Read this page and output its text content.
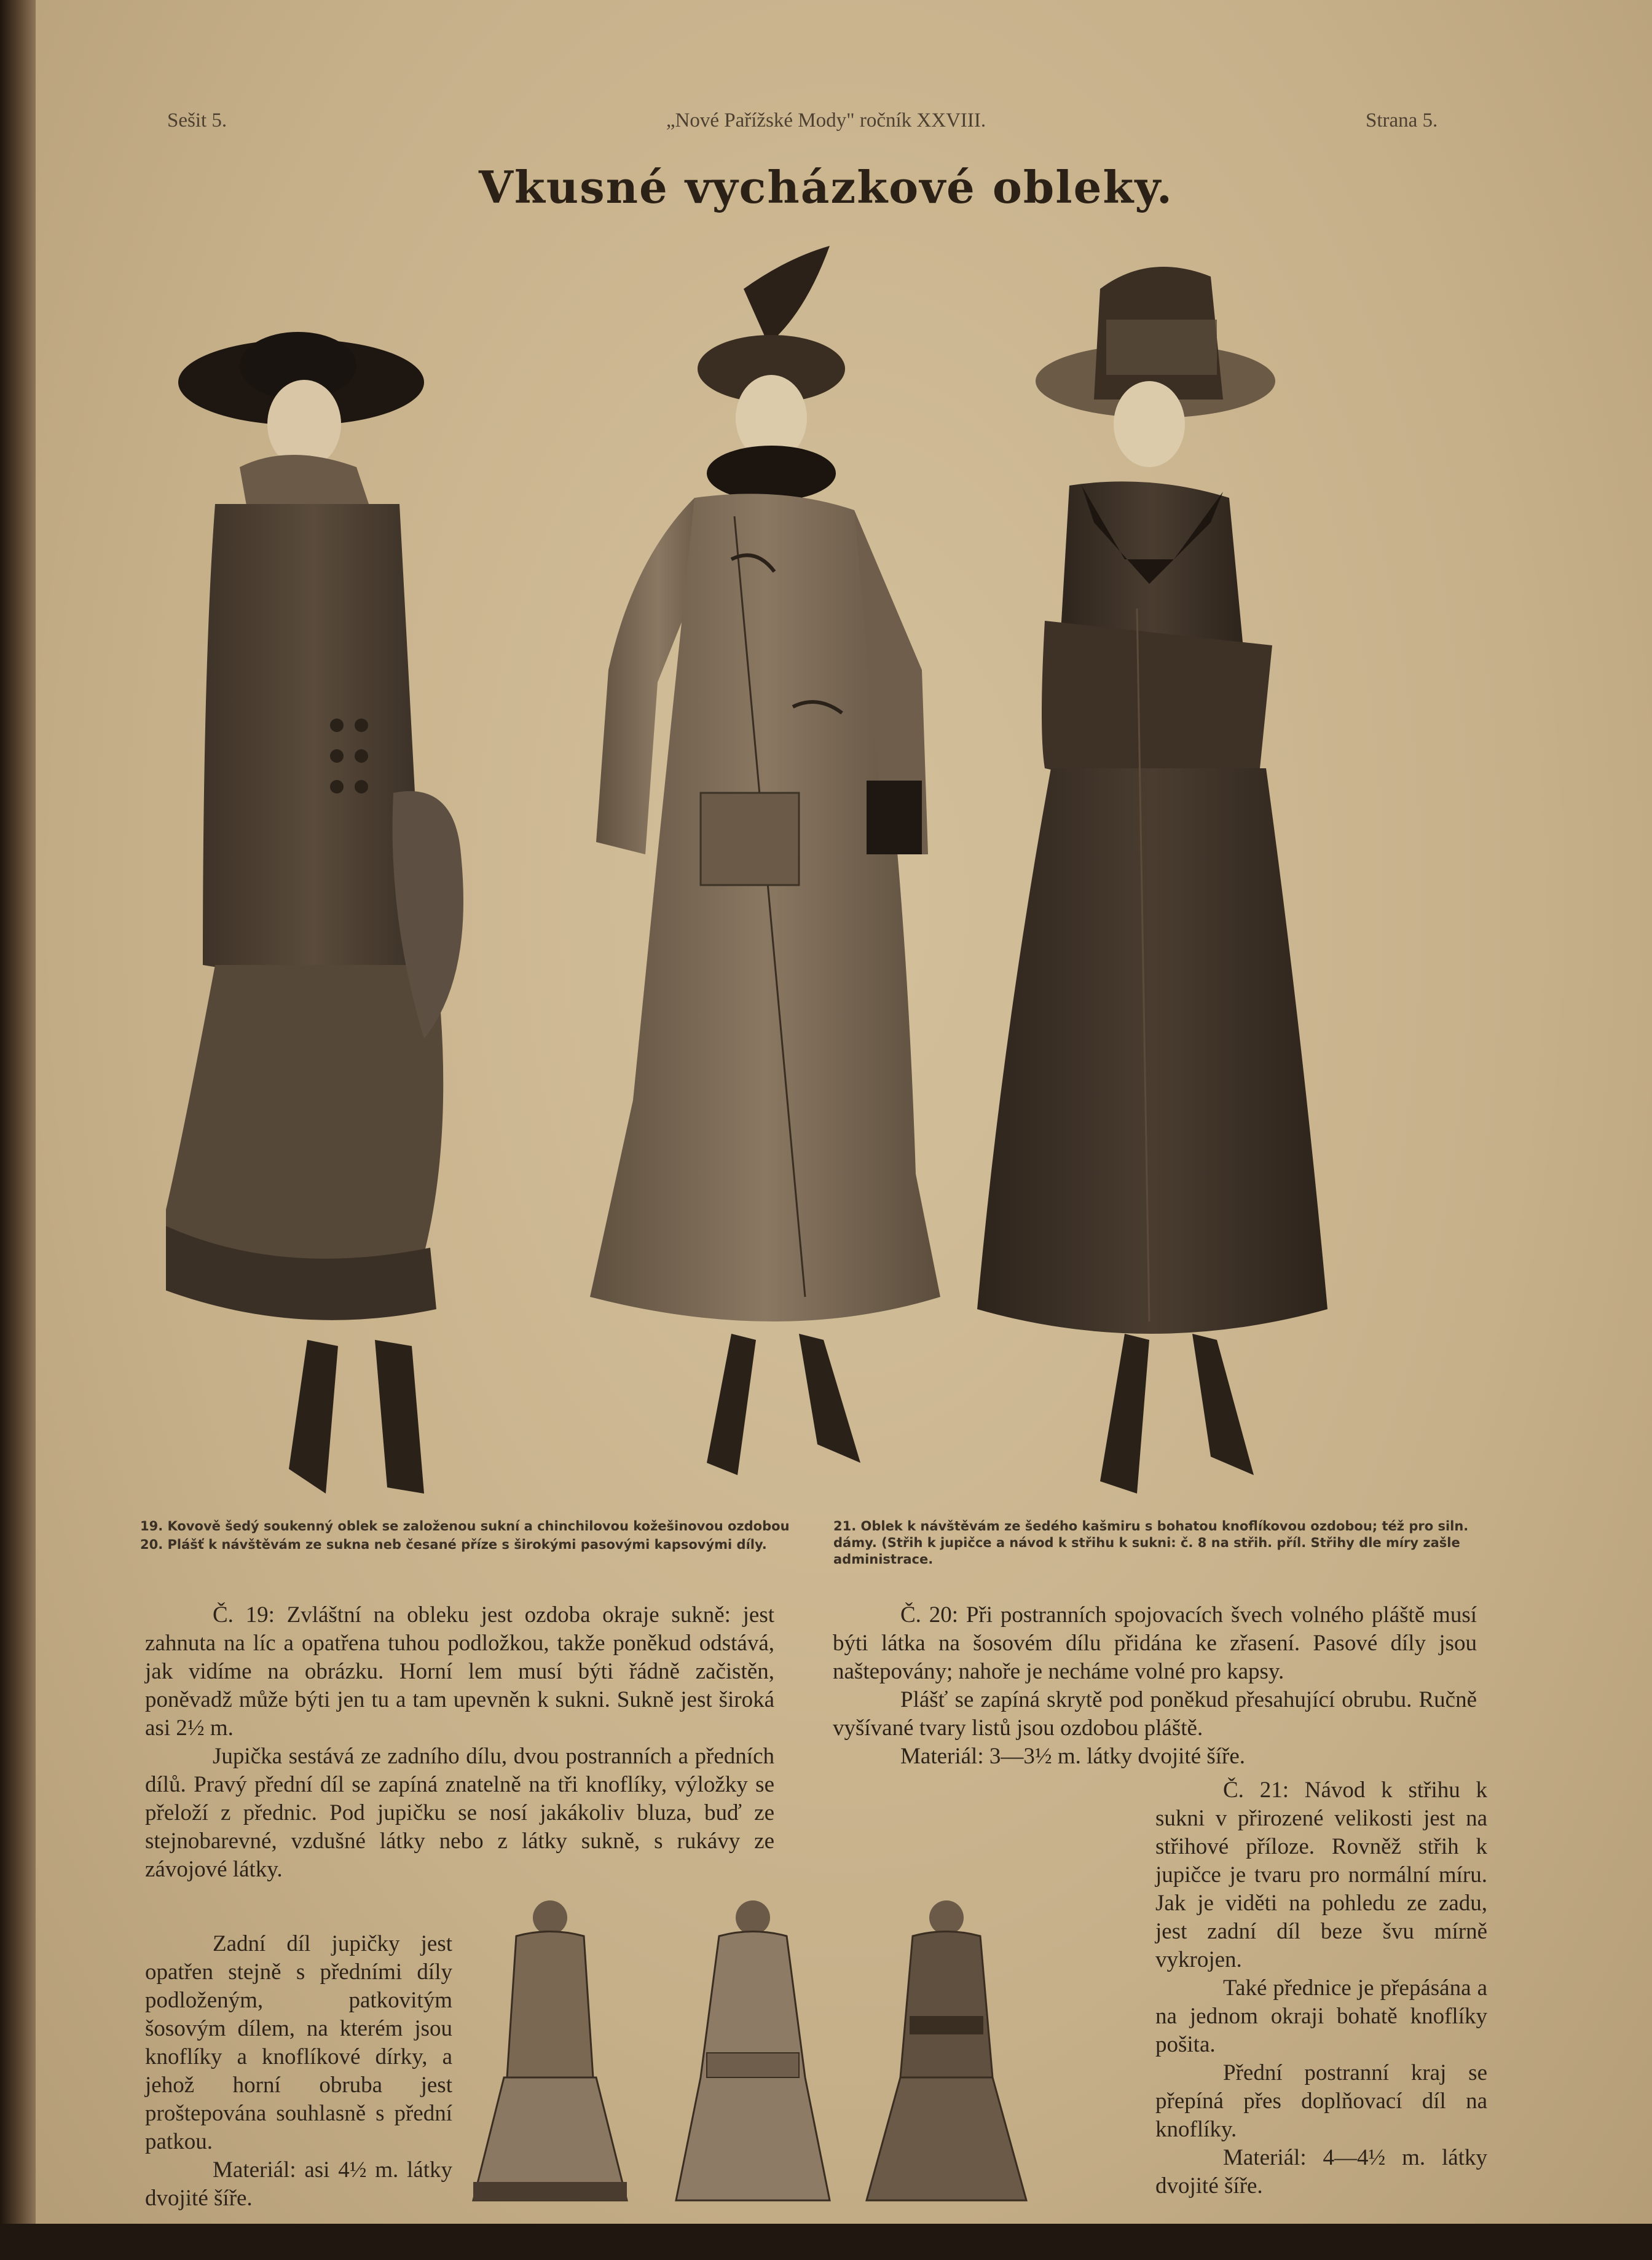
Sešit 5.	„Nové Pařížské Mody" ročník XXVIII.	Strana 5.
Vkusné vycházkové obleky.
19. Kovově šedý soukenný oblek se založenou sukní a chinchilovou kožešinovou ozdobou
20. Plášť k návštěvám ze sukna neb česané příze s širokými pasovými kapsovými díly.
21. Oblek k návštěvám ze šedého kašmiru s bohatou knoflíkovou ozdobou; též pro siln. dámy. (Střih k jupičce a návod k střihu k sukni: č. 8 na střih. příl. Střihy dle míry zašle administrace.

Č. 19: Zvláštní na obleku jest ozdoba okraje sukně: jest zahnuta na líc a opatřena tuhou podložkou, takže poněkud odstává, jak vidíme na obrázku. Horní lem musí býti řádně začistěn, poněvadž může býti jen tu a tam upevněn k sukni. Sukně jest široká asi 2½ m.

Jupička sestává ze zadního dílu, dvou postranních a předních dílů. Pravý přední díl se zapíná znatelně na tři knoflíky, výložky se přeloží z přednic. Pod jupičku se nosí jakákoliv bluza, buď ze stejnobarevné, vzdušné látky nebo z látky sukně, s rukávy ze závojové látky.

Zadní díl jupičky jest opatřen stejně s předními díly podloženým, patkovitým šosovým dílem, na kterém jsou knoflíky a knoflíkové dírky, a jehož horní obruba jest proštepována souhlasně s přední patkou.

Materiál: asi 4½ m. látky dvojité šíře.

Č. 20: Při postranních spojovacích švech volného pláště musí býti látka na šosovém dílu přidána ke zřasení. Pasové díly jsou naštepovány; nahoře je necháme volné pro kapsy.

Plášť se zapíná skrytě pod poněkud přesahující obrubu. Ručně vyšívané tvary listů jsou ozdobou pláště.

Materiál: 3—3½ m. látky dvojité šíře.

Č. 21: Návod k střihu k sukni v přirozené velikosti jest na střihové příloze. Rovněž střih k jupičce je tvaru pro normální míru. Jak je viděti na pohledu ze zadu, jest zadní díl beze švu mírně vykrojen.

Také přednice je přepásána a na jednom okraji bohatě knoflíky pošita.

Přední postranní kraj se přepíná přes doplňovací díl na knoflíky.

Materiál: 4—4½ m. látky dvojité šíře.
